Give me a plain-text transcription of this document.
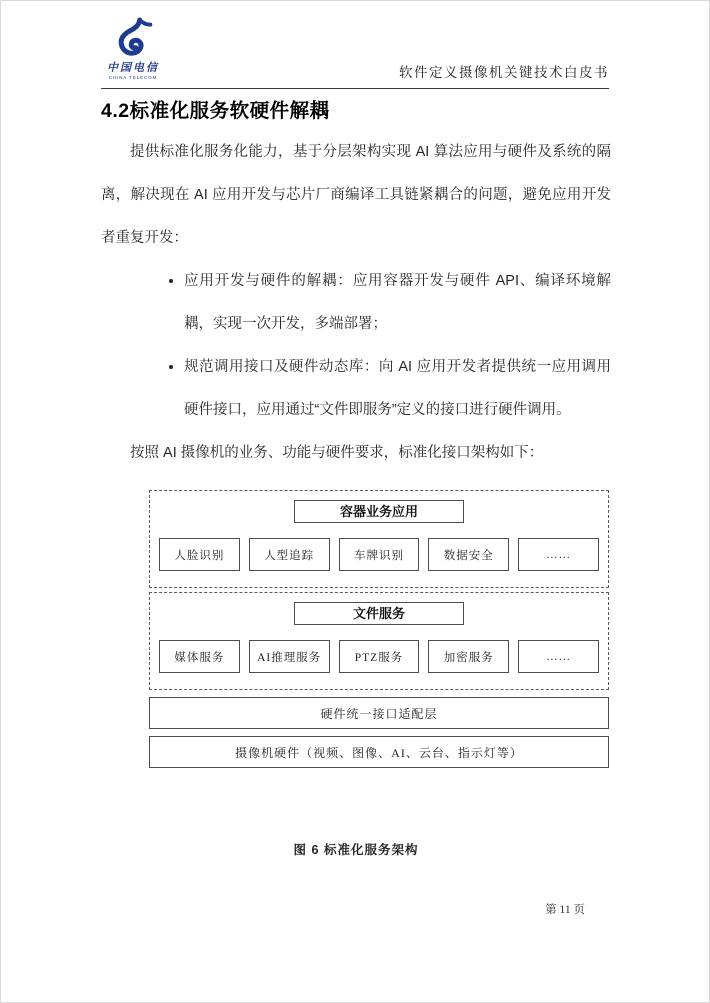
中国电信
CHINA TELECOM	软件定义摄像机关键技术白皮书
4.2标准化服务软硬件解耦

提供标准化服务化能力，基于分层架构实现 AI 算法应用与硬件及系统的隔离，解决现在 AI 应用开发与芯片厂商编译工具链紧耦合的问题，避免应用开发者重复开发：

• 应用开发与硬件的解耦：应用容器开发与硬件 API、编译环境解耦，实现一次开发，多端部署；
• 规范调用接口及硬件动态库：向 AI 应用开发者提供统一应用调用硬件接口，应用通过“文件即服务”定义的接口进行硬件调用。

按照 AI 摄像机的业务、功能与硬件要求，标准化接口架构如下：

容器业务应用
人脸识别	人型追踪	车牌识别	数据安全	……
文件服务
媒体服务	AI推理服务	PTZ服务	加密服务	……
硬件统一接口适配层
摄像机硬件（视频、图像、AI、云台、指示灯等）
图 6 标准化服务架构
第 11 页
